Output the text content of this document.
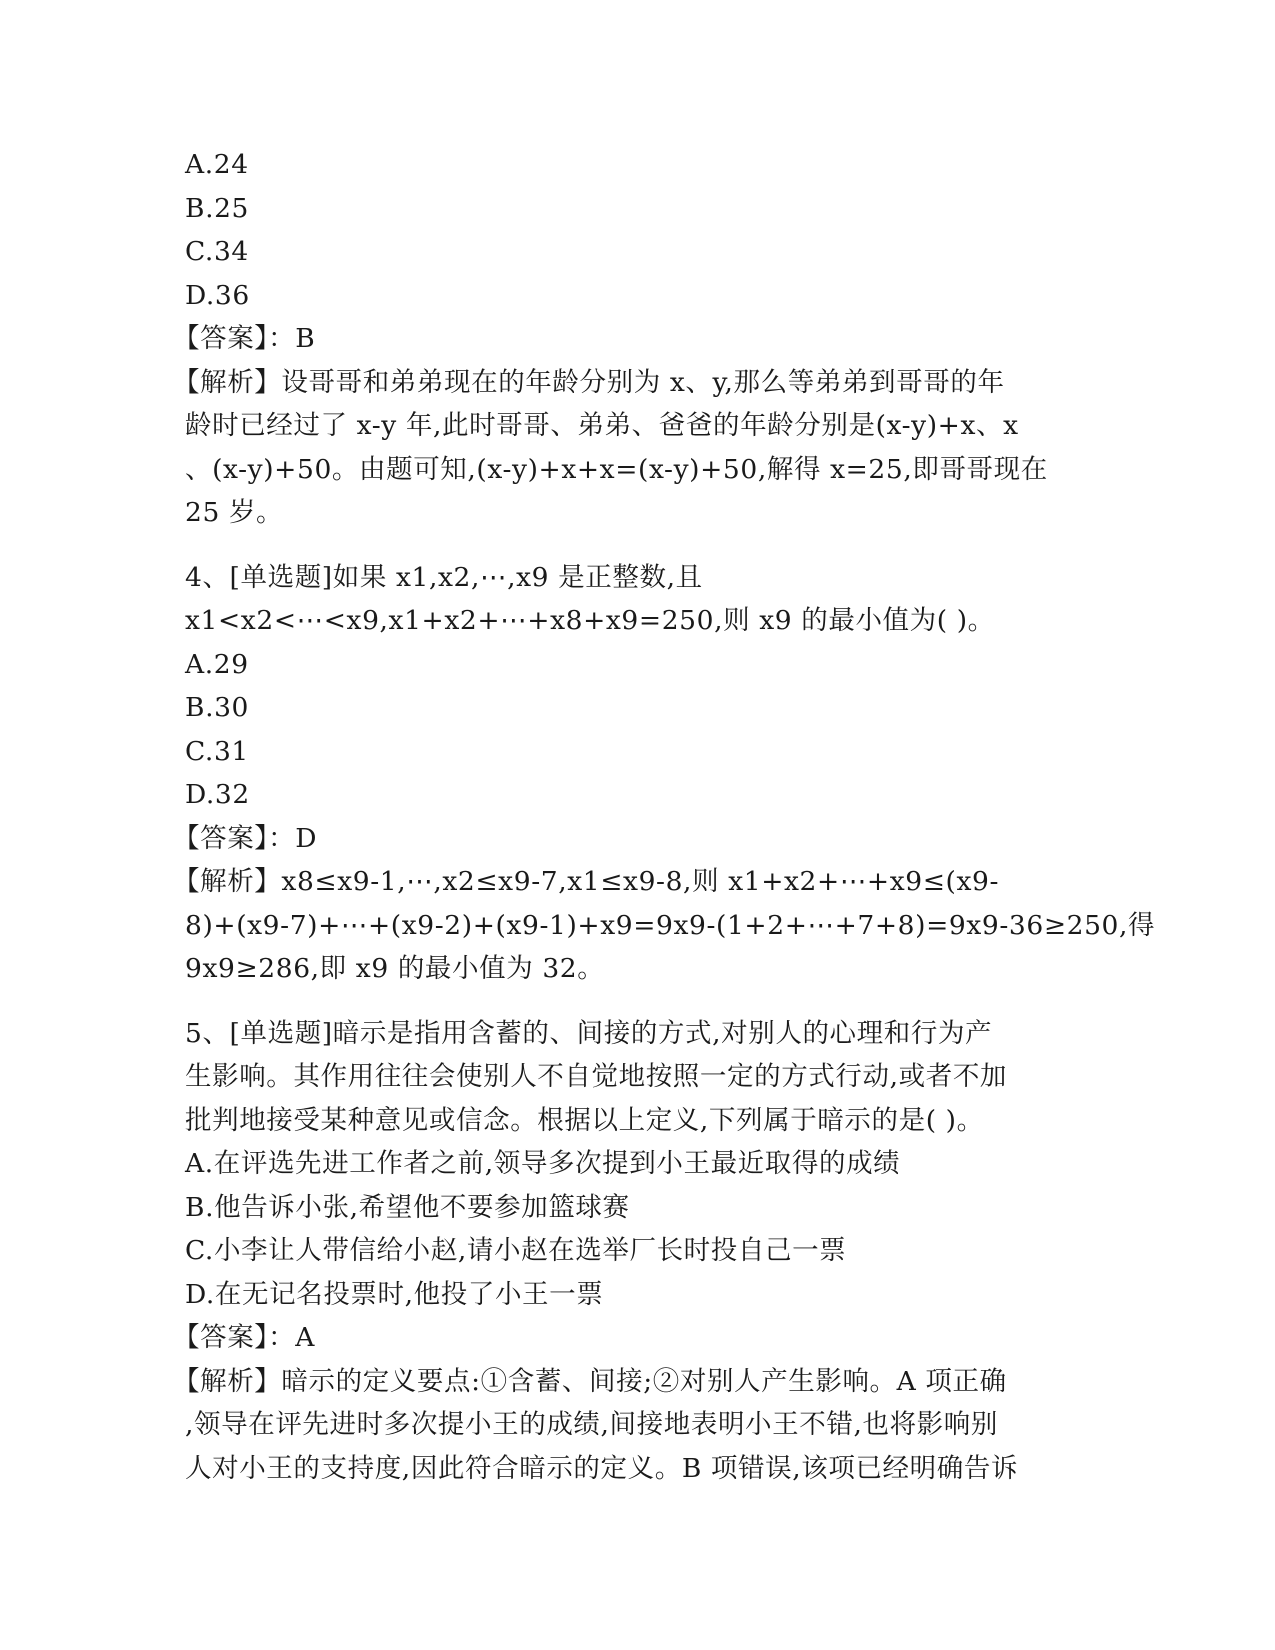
A.24
B.25
C.34
D.36
【答案】：B
【解析】设哥哥和弟弟现在的年龄分别为 x、y,那么等弟弟到哥哥的年
龄时已经过了 x-y 年,此时哥哥、弟弟、爸爸的年龄分别是(x-y)+x、x
、(x-y)+50。由题可知,(x-y)+x+x=(x-y)+50,解得 x=25,即哥哥现在
25 岁。
4、[单选题]如果 x1,x2,⋯,x9 是正整数,且
x1<x2<⋯<x9,x1+x2+⋯+x8+x9=250,则 x9 的最小值为( )。
A.29
B.30
C.31
D.32
【答案】：D
【解析】x8≤x9-1,⋯,x2≤x9-7,x1≤x9-8,则 x1+x2+⋯+x9≤(x9-
8)+(x9-7)+⋯+(x9-2)+(x9-1)+x9=9x9-(1+2+⋯+7+8)=9x9-36≥250,得
9x9≥286,即 x9 的最小值为 32。
5、[单选题]暗示是指用含蓄的、间接的方式,对别人的心理和行为产
生影响。其作用往往会使别人不自觉地按照一定的方式行动,或者不加
批判地接受某种意见或信念。根据以上定义,下列属于暗示的是( )。
A.在评选先进工作者之前,领导多次提到小王最近取得的成绩
B.他告诉小张,希望他不要参加篮球赛
C.小李让人带信给小赵,请小赵在选举厂长时投自己一票
D.在无记名投票时,他投了小王一票
【答案】：A
【解析】暗示的定义要点:①含蓄、间接;②对别人产生影响。A 项正确
,领导在评先进时多次提小王的成绩,间接地表明小王不错,也将影响别
人对小王的支持度,因此符合暗示的定义。B 项错误,该项已经明确告诉
